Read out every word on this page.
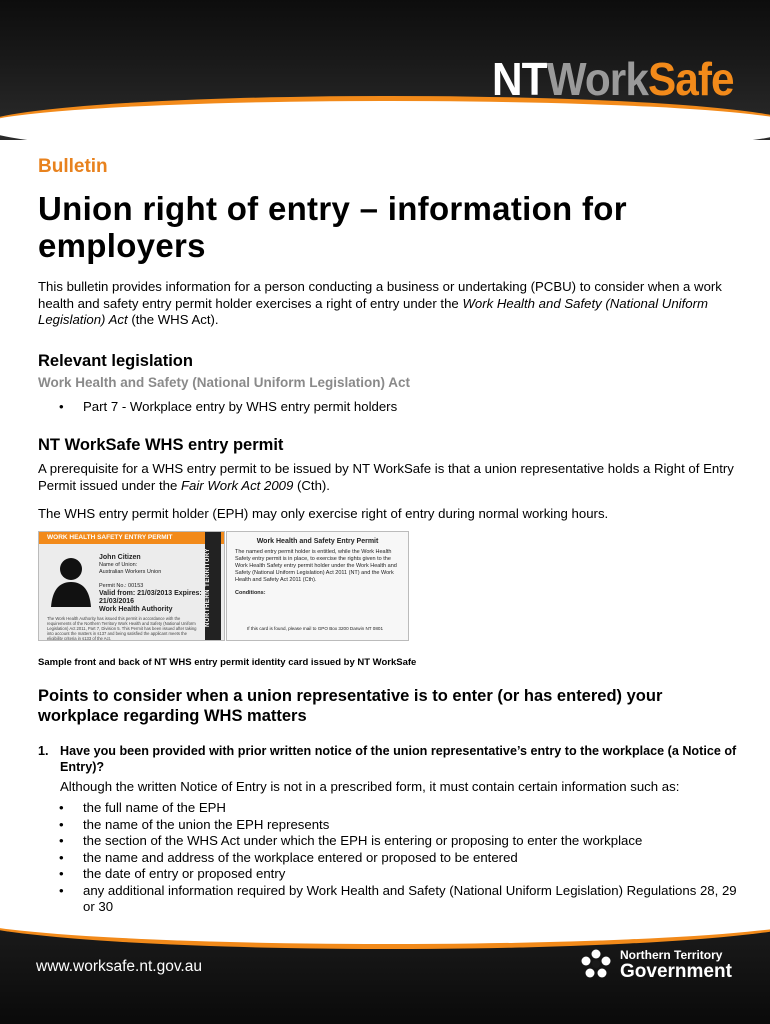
NTWorkSafe
Bulletin
Union right of entry – information for employers

This bulletin provides information for a person conducting a business or undertaking (PCBU) to consider when a work health and safety entry permit holder exercises a right of entry under the Work Health and Safety (National Uniform Legislation) Act (the WHS Act).

Relevant legislation
Work Health and Safety (National Uniform Legislation) Act
• Part 7 - Workplace entry by WHS entry permit holders
NT WorkSafe WHS entry permit

A prerequisite for a WHS entry permit to be issued by NT WorkSafe is that a union representative holds a Right of Entry Permit issued under the Fair Work Act 2009 (Cth).

The WHS entry permit holder (EPH) may only exercise right of entry during normal working hours.

WORK HEALTH SAFETY ENTRY PERMIT
John Citizen
Name of Union:
Australian Workers Union

Permit No.: 00153
Valid from: 21/03/2013 Expires: 21/03/2016
Work Health Authority
The Work Health Authority has issued this permit in accordance with the requirements of the Northern Territory Work Health and Safety (National Uniform Legislation) Act 2011, Part 7, Division 5. This Permit has been issued after taking into account the matters in s137 and being satisfied the applicant meets the eligibility criteria in s133 of the Act.
NORTHERN TERRITORY
Work Health and Safety Entry Permit
The named entry permit holder is entitled, while the Work Health Safety entry permit is in place, to exercise the rights given to the Work Health Safety entry permit holder under the Work Health and Safety (National Uniform Legislation) Act 2011 (NT) and the Work Health and Safety Act 2011 (Cth).
Conditions:
If this card is found, please mail to GPO Box 3200 Darwin NT 0801
Sample front and back of NT WHS entry permit identity card issued by NT WorkSafe
Points to consider when a union representative is to enter (or has entered) your workplace regarding WHS matters
1. Have you been provided with prior written notice of the union representative’s entry to the workplace (a Notice of Entry)?

Although the written Notice of Entry is not in a prescribed form, it must contain certain information such as:

• the full name of the EPH
• the name of the union the EPH represents
• the section of the WHS Act under which the EPH is entering or proposing to enter the workplace
• the name and address of the workplace entered or proposed to be entered
• the date of entry or proposed entry
• any additional information required by Work Health and Safety (National Uniform Legislation) Regulations 28, 29 or 30

www.worksafe.nt.gov.au
Northern Territory
Government
